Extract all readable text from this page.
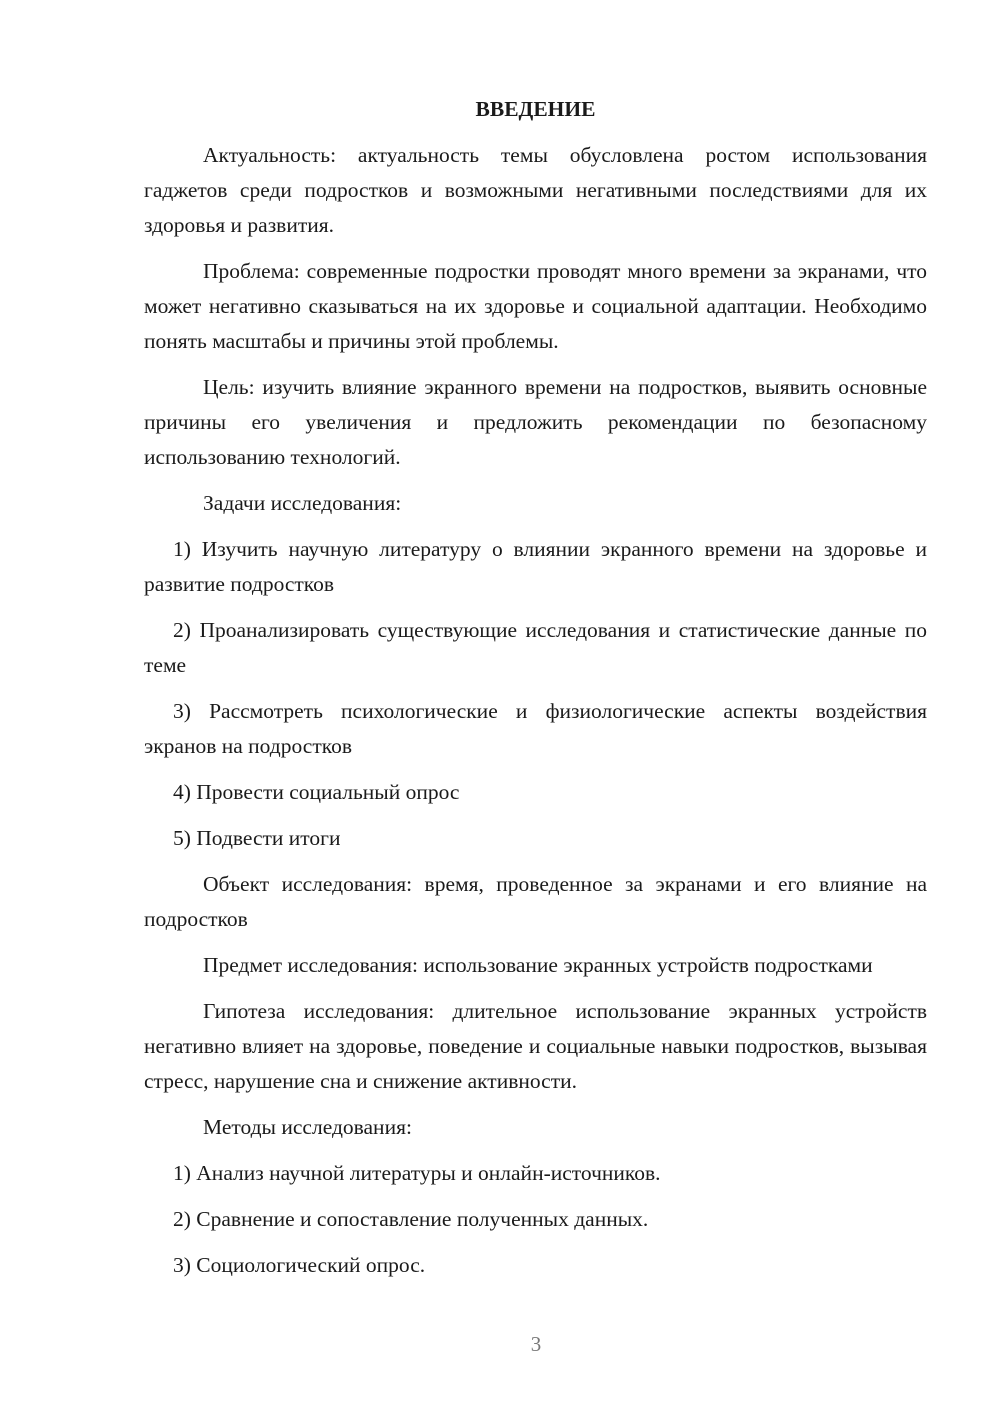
ВВЕДЕНИЕ

Актуальность: актуальность темы обусловлена ростом использования гаджетов среди подростков и возможными негативными последствиями для их здоровья и развития.

Проблема: современные подростки проводят много времени за экранами, что может негативно сказываться на их здоровье и социальной адаптации. Необходимо понять масштабы и причины этой проблемы.

Цель: изучить влияние экранного времени на подростков, выявить основные причины его увеличения и предложить рекомендации по безопасному использованию технологий.

Задачи исследования:

1) Изучить научную литературу о влиянии экранного времени на здоровье и развитие подростков

2) Проанализировать существующие исследования и статистические данные по теме

3) Рассмотреть психологические и физиологические аспекты воздействия экранов на подростков

4) Провести социальный опрос

5) Подвести итоги

Объект исследования: время, проведенное за экранами и его влияние на подростков

Предмет исследования: использование экранных устройств подростками

Гипотеза исследования: длительное использование экранных устройств негативно влияет на здоровье, поведение и социальные навыки подростков, вызывая стресс, нарушение сна и снижение активности.

Методы исследования:

1) Анализ научной литературы и онлайн-источников.

2) Сравнение и сопоставление полученных данных.

3) Социологический опрос.

3
